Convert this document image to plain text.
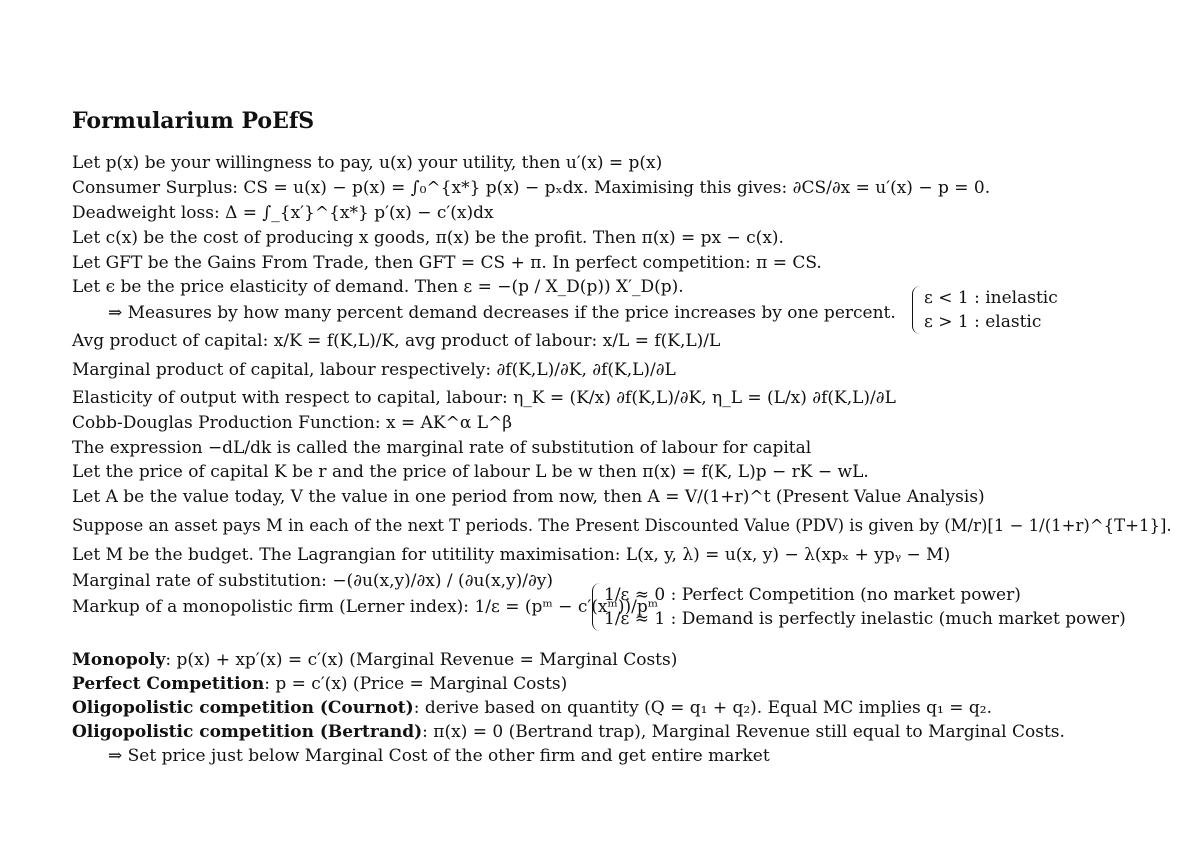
Formularium PoEfS
Let p(x) be your willingness to pay, u(x) your utility, then u′(x) = p(x)
Consumer Surplus: CS = u(x) − p(x) = ∫₀^{x*} p(x) − pₓdx. Maximising this gives: ∂CS/∂x = u′(x) − p = 0.
Deadweight loss: Δ = ∫_{x′}^{x*} p′(x) − c′(x)dx
Let c(x) be the cost of producing x goods, π(x) be the profit. Then π(x) = px − c(x).
Let GFT be the Gains From Trade, then GFT = CS + π. In perfect competition: π = CS.
Let ϵ be the price elasticity of demand. Then ε = −(p / X_D(p)) X′_D(p).
⇒ Measures by how many percent demand decreases if the price increases by one percent.
ε < 1 : inelastic
ε > 1 : elastic
Avg product of capital: x/K = f(K,L)/K, avg product of labour: x/L = f(K,L)/L
Marginal product of capital, labour respectively: ∂f(K,L)/∂K, ∂f(K,L)/∂L
Elasticity of output with respect to capital, labour: η_K = (K/x) ∂f(K,L)/∂K, η_L = (L/x) ∂f(K,L)/∂L
Cobb-Douglas Production Function: x = AK^α L^β
The expression −dL/dk is called the marginal rate of substitution of labour for capital
Let the price of capital K be r and the price of labour L be w then π(x) = f(K, L)p − rK − wL.
Let A be the value today, V the value in one period from now, then A = V/(1+r)^t (Present Value Analysis)
Suppose an asset pays M in each of the next T periods. The Present Discounted Value (PDV) is given by (M/r)[1 − 1/(1+r)^{T+1}].
Let M be the budget. The Lagrangian for utitility maximisation: L(x, y, λ) = u(x, y) − λ(xpₓ + ypᵧ − M)
Marginal rate of substitution: −(∂u(x,y)/∂x) / (∂u(x,y)/∂y)
Markup of a monopolistic firm (Lerner index): 1/ε = (pᵐ − c′(xᵐ))/pᵐ
1/ε ≈ 0 : Perfect Competition (no market power)
1/ε ≈ 1 : Demand is perfectly inelastic (much market power)
Monopoly: p(x) + xp′(x) = c′(x) (Marginal Revenue = Marginal Costs)
Perfect Competition: p = c′(x) (Price = Marginal Costs)
Oligopolistic competition (Cournot): derive based on quantity (Q = q₁ + q₂). Equal MC implies q₁ = q₂.
Oligopolistic competition (Bertrand): π(x) = 0 (Bertrand trap), Marginal Revenue still equal to Marginal Costs.
⇒ Set price just below Marginal Cost of the other firm and get entire market
